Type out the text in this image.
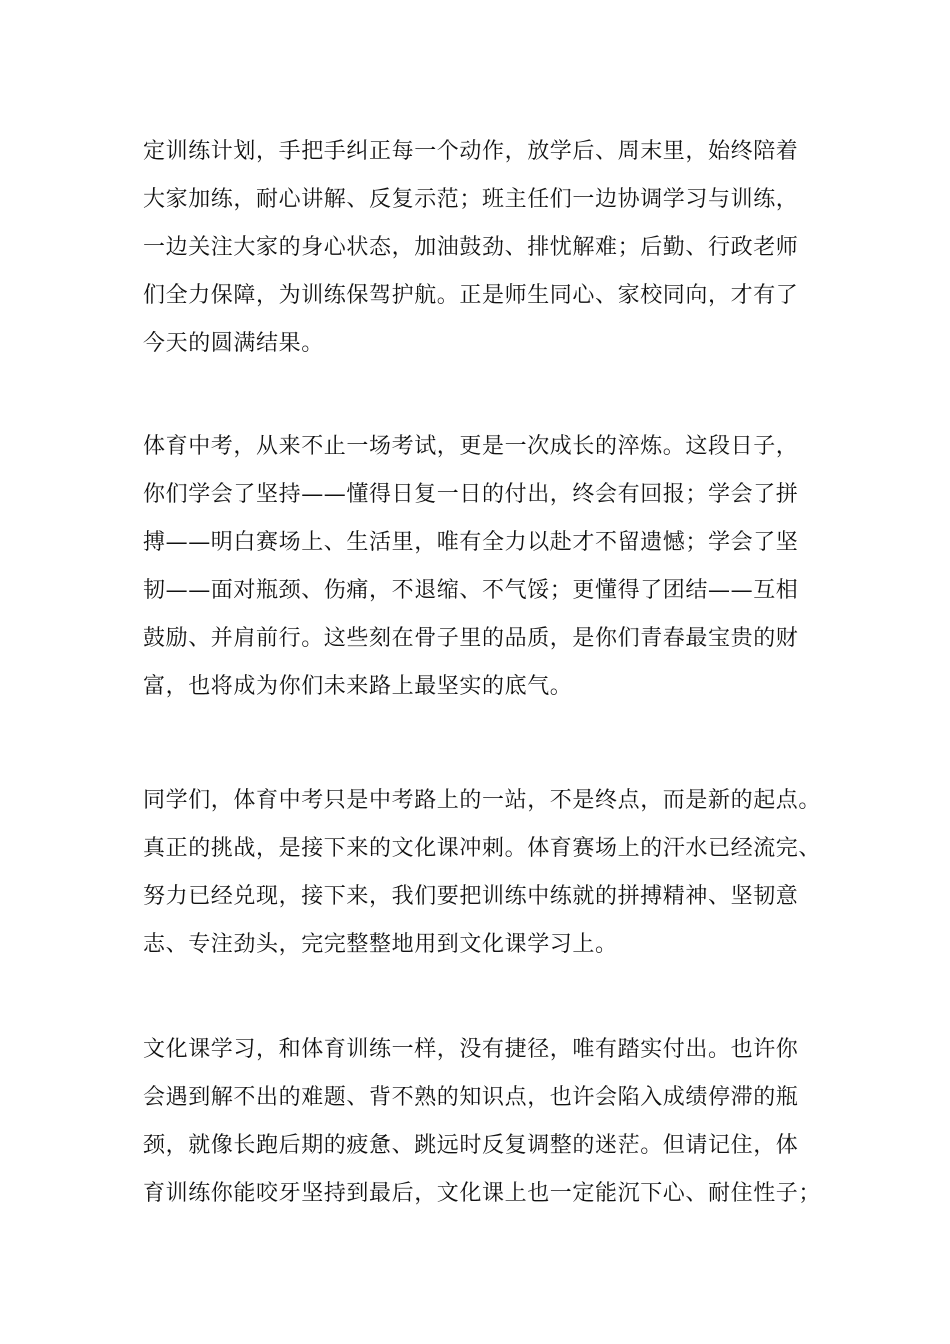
定训练计划，手把手纠正每一个动作，放学后、周末里，始终陪着
大家加练，耐心讲解、反复示范；班主任们一边协调学习与训练，
一边关注大家的身心状态，加油鼓劲、排忧解难；后勤、行政老师
们全力保障，为训练保驾护航。正是师生同心、家校同向，才有了
今天的圆满结果。
体育中考，从来不止一场考试，更是一次成长的淬炼。这段日子，
你们学会了坚持——懂得日复一日的付出，终会有回报；学会了拼
搏——明白赛场上、生活里，唯有全力以赴才不留遗憾；学会了坚
韧——面对瓶颈、伤痛，不退缩、不气馁；更懂得了团结——互相
鼓励、并肩前行。这些刻在骨子里的品质，是你们青春最宝贵的财
富，也将成为你们未来路上最坚实的底气。
同学们，体育中考只是中考路上的一站，不是终点，而是新的起点。
真正的挑战，是接下来的文化课冲刺。体育赛场上的汗水已经流完、
努力已经兑现，接下来，我们要把训练中练就的拼搏精神、坚韧意
志、专注劲头，完完整整地用到文化课学习上。
文化课学习，和体育训练一样，没有捷径，唯有踏实付出。也许你
会遇到解不出的难题、背不熟的知识点，也许会陷入成绩停滞的瓶
颈，就像长跑后期的疲惫、跳远时反复调整的迷茫。但请记住，体
育训练你能咬牙坚持到最后，文化课上也一定能沉下心、耐住性子；
